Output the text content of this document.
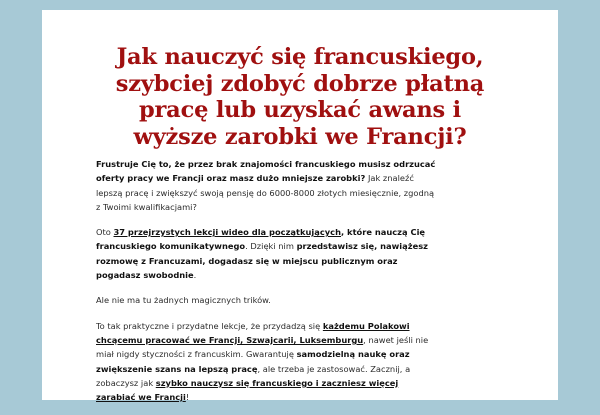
Jak nauczyć się francuskiego,
szybciej zdobyć dobrze płatną
pracę lub uzyskać awans i
wyższe zarobki we Francji?

Frustruje Cię to, że przez brak znajomości francuskiego musisz odrzucać oferty pracy we Francji oraz masz dużo mniejsze zarobki? Jak znaleźć lepszą pracę i zwiększyć swoją pensję do 6000-8000 złotych miesięcznie, zgodną z Twoimi kwalifikacjami?

Oto 37 przejrzystych lekcji wideo dla początkujących, które nauczą Cię francuskiego komunikatywnego. Dzięki nim przedstawisz się, nawiążesz rozmowę z Francuzami, dogadasz się w miejscu publicznym oraz pogadasz swobodnie.

Ale nie ma tu żadnych magicznych trików.

To tak praktyczne i przydatne lekcje, że przydadzą się każdemu Polakowi chcącemu pracować we Francji, Szwajcarii, Luksemburgu, nawet jeśli nie miał nigdy styczności z francuskim. Gwarantuję samodzielną naukę oraz zwiększenie szans na lepszą pracę, ale trzeba je zastosować. Zacznij, a zobaczysz jak szybko nauczysz się francuskiego i zaczniesz więcej zarabiać we Francji!
